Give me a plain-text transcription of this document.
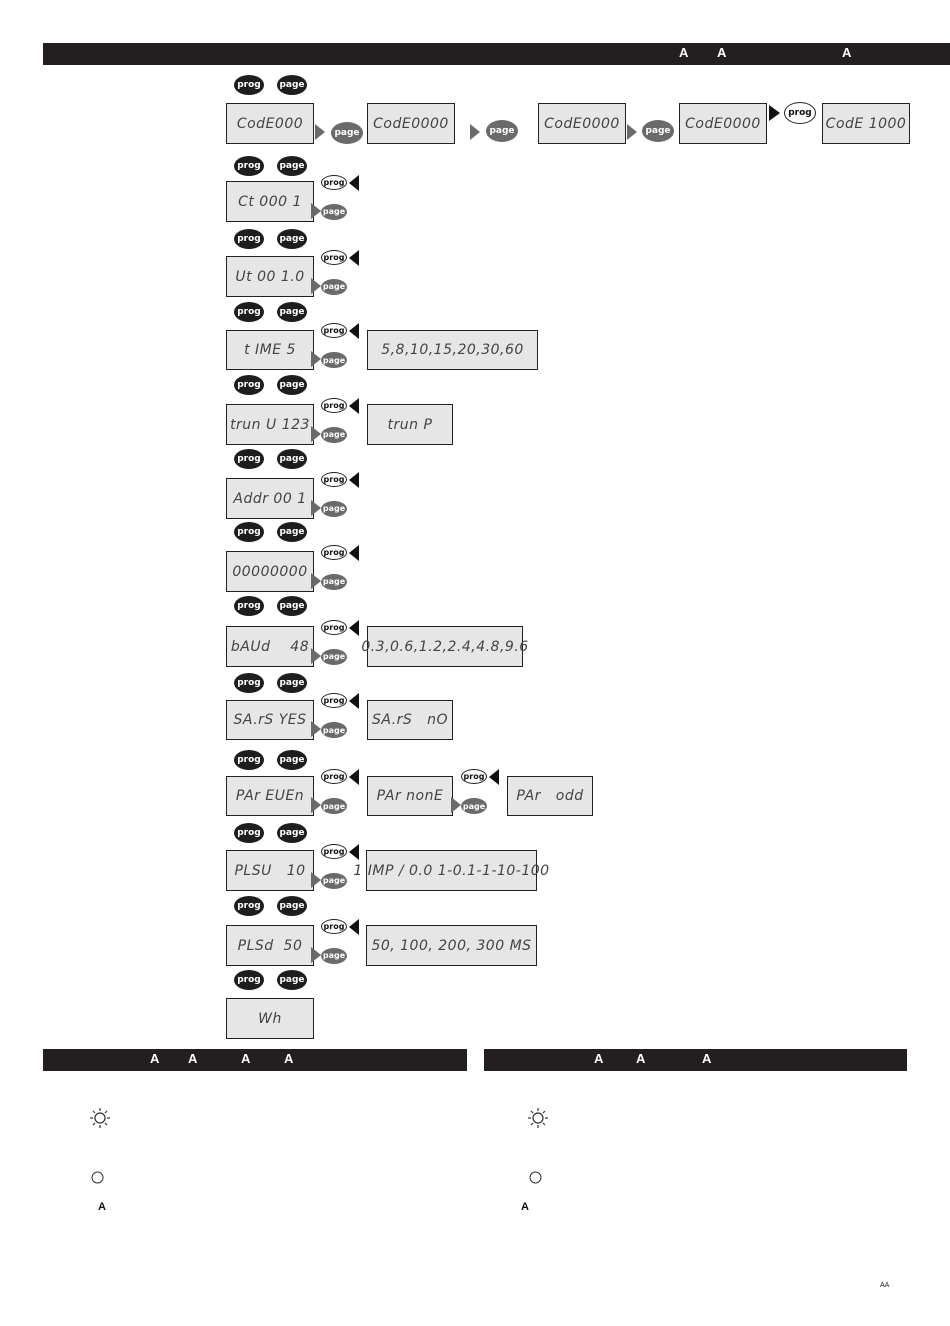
A A	A
prog	page
CodE000	CodE0000	CodE0000	CodE0000	CodE 1000
page	page	page
prog
prog	page
Ct 000 1
prog
page
prog	page
Ut 00 1.0
prog
page
prog	page
t IME 5
prog
page
5,8,10,15,20,30,60
prog	page
trun U 123
prog
page
trun P
prog	page
Addr 00 1
prog
page
prog	page
00000000
prog
page
prog	page
bAUd    48
prog
page
0.3,0.6,1.2,2.4,4.8,9.6
prog	page
SA.rS YES
prog
page
SA.rS   nO
prog	page
PAr EUEn
prog
page
PAr nonE
prog
page
PAr   odd
prog	page
PLSU   10
prog
page
1 IMP / 0.0 1-0.1-1-10-100
prog	page
PLSd  50
prog
page
50, 100, 200, 300 MS
prog	page
Wh
A A	A	A
A
A	A	A
A
AA
